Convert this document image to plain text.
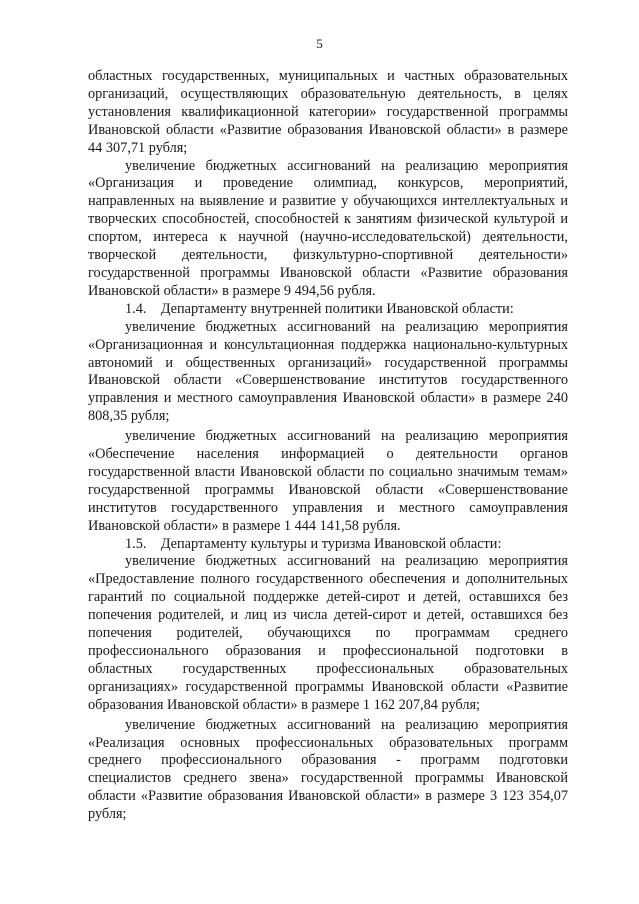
5

областных государственных, муниципальных и частных образовательных организаций, осуществляющих образовательную деятельность, в целях установления квалификационной категории» государственной программы Ивановской области «Развитие образования Ивановской области» в размере 44 307,71 рубля;

увеличение бюджетных ассигнований на реализацию мероприятия «Организация и проведение олимпиад, конкурсов, мероприятий, направленных на выявление и развитие у обучающихся интеллектуальных и творческих способностей, способностей к занятиям физической культурой и спортом, интереса к научной (научно-исследовательской) деятельности, творческой деятельности, физкультурно-спортивной деятельности» государственной программы Ивановской области «Развитие образования Ивановской области» в размере 9 494,56 рубля.

1.4. Департаменту внутренней политики Ивановской области:

увеличение бюджетных ассигнований на реализацию мероприятия «Организационная и консультационная поддержка национально-культурных автономий и общественных организаций» государственной программы Ивановской области «Совершенствование институтов государственного управления и местного самоуправления Ивановской области» в размере 240 808,35 рубля;

увеличение бюджетных ассигнований на реализацию мероприятия «Обеспечение населения информацией о деятельности органов государственной власти Ивановской области по социально значимым темам» государственной программы Ивановской области «Совершенствование институтов государственного управления и местного самоуправления Ивановской области» в размере 1 444 141,58 рубля.

1.5. Департаменту культуры и туризма Ивановской области:

увеличение бюджетных ассигнований на реализацию мероприятия «Предоставление полного государственного обеспечения и дополнительных гарантий по социальной поддержке детей-сирот и детей, оставшихся без попечения родителей, и лиц из числа детей-сирот и детей, оставшихся без попечения родителей, обучающихся по программам среднего профессионального образования и профессиональной подготовки в областных государственных профессиональных образовательных организациях» государственной программы Ивановской области «Развитие образования Ивановской области» в размере 1 162 207,84 рубля;

увеличение бюджетных ассигнований на реализацию мероприятия «Реализация основных профессиональных образовательных программ среднего профессионального образования - программ подготовки специалистов среднего звена» государственной программы Ивановской области «Развитие образования Ивановской области» в размере 3 123 354,07 рубля;
